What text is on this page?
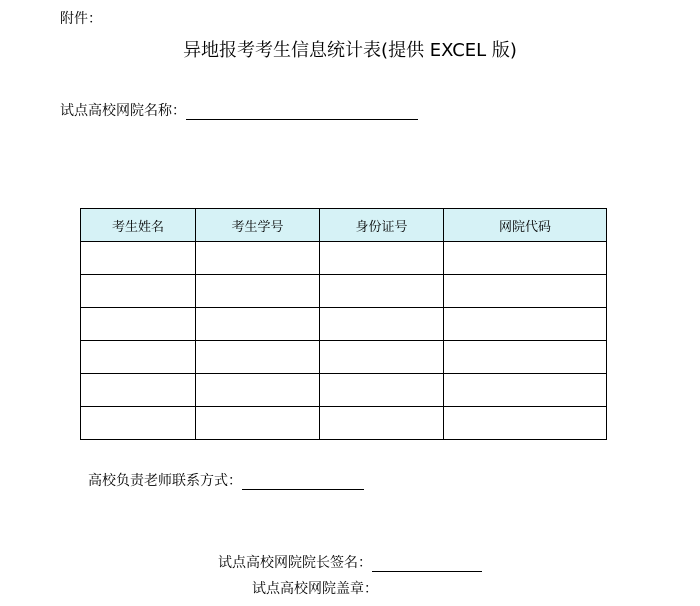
附件：
异地报考考生信息统计表(提供 EXCEL 版)
试点高校网院名称：
考生姓名	考生学号	身份证号	网院代码

高校负责老师联系方式：
试点高校网院院长签名：
试点高校网院盖章：
